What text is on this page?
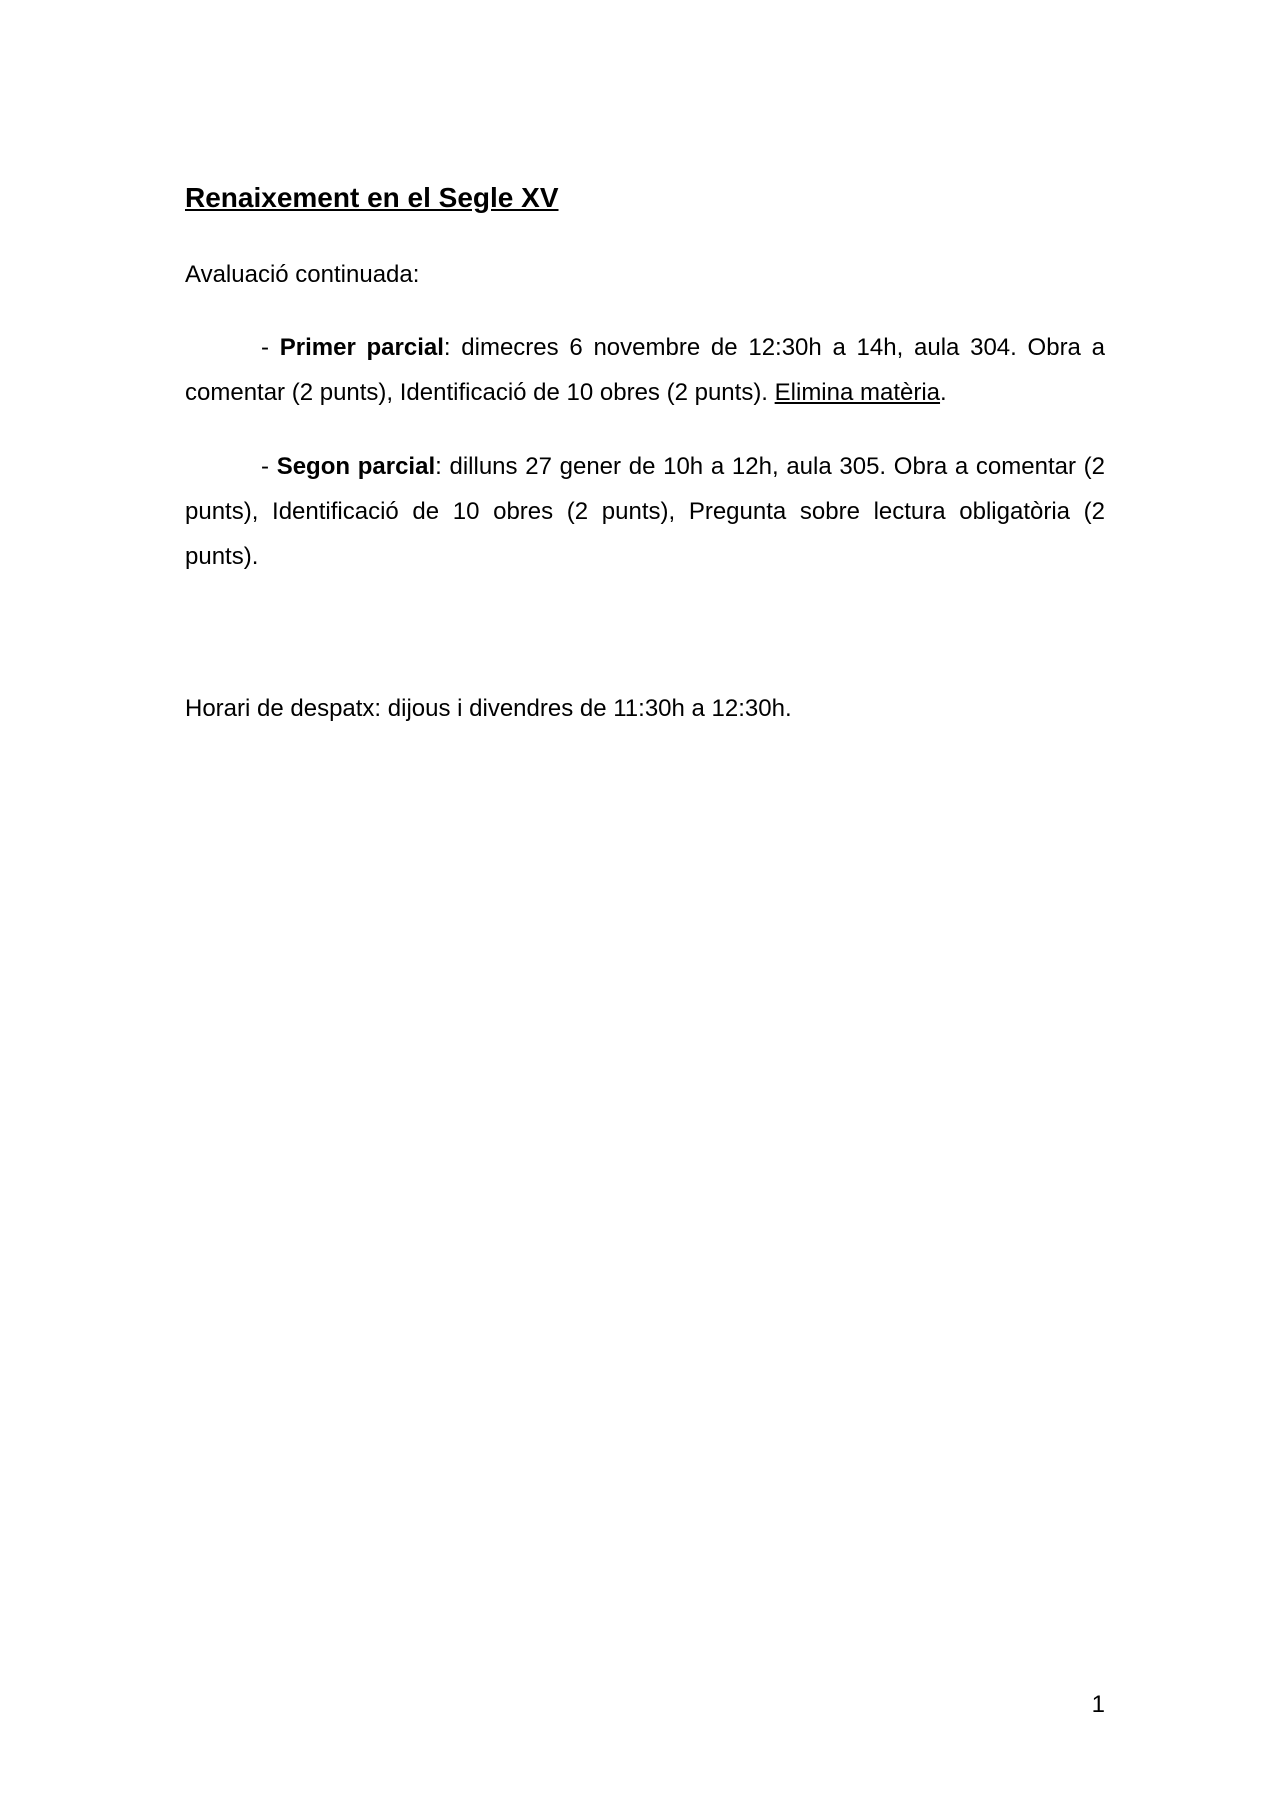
Renaixement en el Segle XV

Avaluació continuada:

- Primer parcial: dimecres 6 novembre de 12:30h a 14h, aula 304. Obra a comentar (2 punts), Identificació de 10 obres (2 punts). Elimina matèria.

- Segon parcial: dilluns 27 gener de 10h a 12h, aula 305. Obra a comentar (2 punts), Identificació de 10 obres (2 punts), Pregunta sobre lectura obligatòria (2 punts).

Horari de despatx: dijous i divendres de 11:30h a 12:30h.

1
